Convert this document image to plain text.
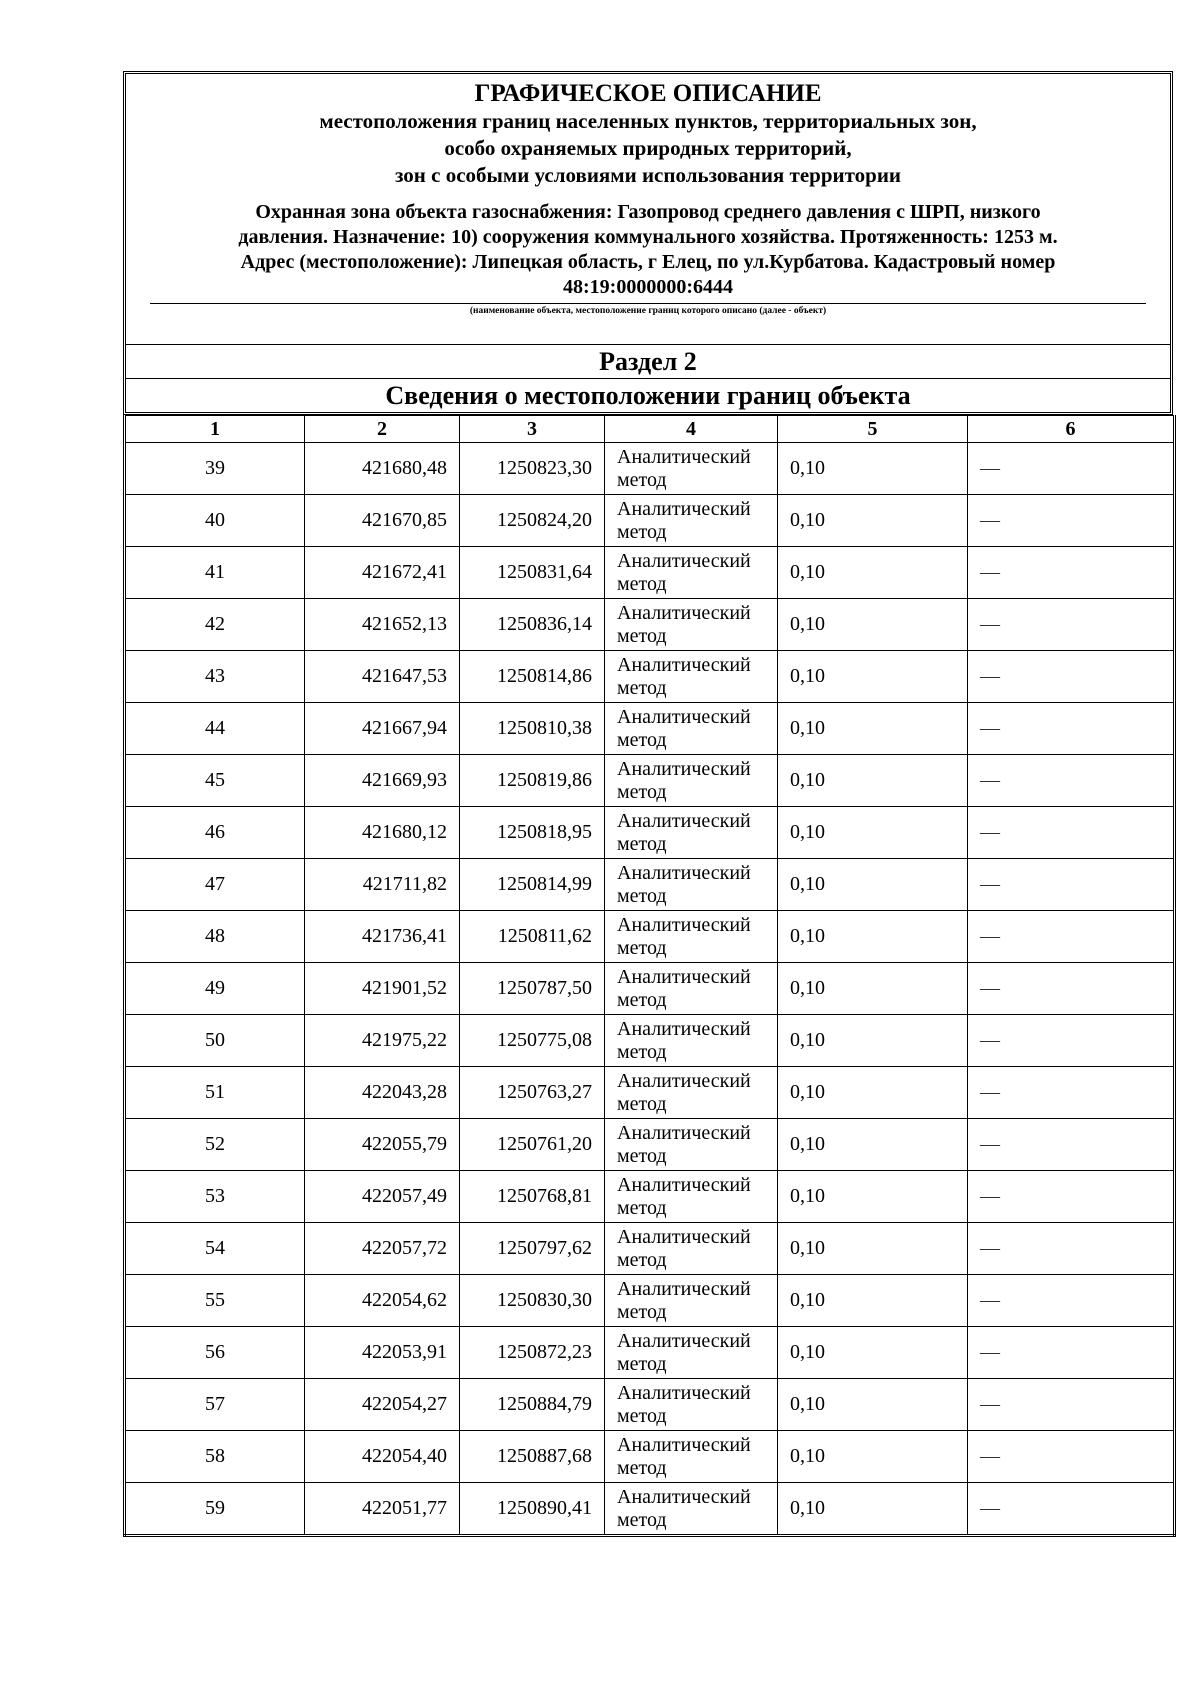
ГРАФИЧЕСКОЕ ОПИСАНИЕ
местоположения границ населенных пунктов, территориальных зон,
особо охраняемых природных территорий,
зон с особыми условиями использования территории
Охранная зона объекта газоснабжения: Газопровод среднего давления с ШРП, низкого
давления. Назначение: 10) сооружения коммунального хозяйства. Протяженность: 1253 м.
Адрес (местоположение): Липецкая область, г Елец, по ул.Курбатова. Кадастровый номер
48:19:0000000:6444
(наименование объекта, местоположение границ которого описано (далее - объект)
Раздел 2
Сведения о местоположении границ объекта
1	2	3	4	5	6
39	421680,48	1250823,30	Аналитический
метод	0,10	—
40	421670,85	1250824,20	Аналитический
метод	0,10	—
41	421672,41	1250831,64	Аналитический
метод	0,10	—
42	421652,13	1250836,14	Аналитический
метод	0,10	—
43	421647,53	1250814,86	Аналитический
метод	0,10	—
44	421667,94	1250810,38	Аналитический
метод	0,10	—
45	421669,93	1250819,86	Аналитический
метод	0,10	—
46	421680,12	1250818,95	Аналитический
метод	0,10	—
47	421711,82	1250814,99	Аналитический
метод	0,10	—
48	421736,41	1250811,62	Аналитический
метод	0,10	—
49	421901,52	1250787,50	Аналитический
метод	0,10	—
50	421975,22	1250775,08	Аналитический
метод	0,10	—
51	422043,28	1250763,27	Аналитический
метод	0,10	—
52	422055,79	1250761,20	Аналитический
метод	0,10	—
53	422057,49	1250768,81	Аналитический
метод	0,10	—
54	422057,72	1250797,62	Аналитический
метод	0,10	—
55	422054,62	1250830,30	Аналитический
метод	0,10	—
56	422053,91	1250872,23	Аналитический
метод	0,10	—
57	422054,27	1250884,79	Аналитический
метод	0,10	—
58	422054,40	1250887,68	Аналитический
метод	0,10	—
59	422051,77	1250890,41	Аналитический
метод	0,10	—
